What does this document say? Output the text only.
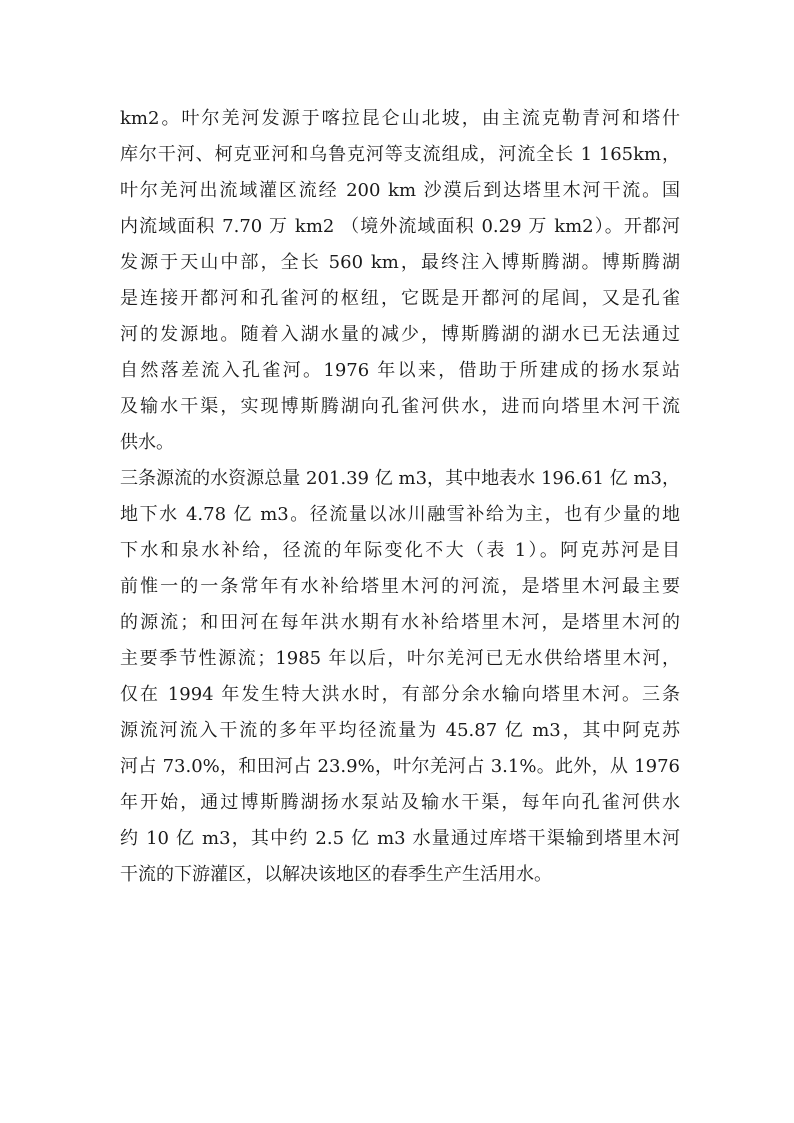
km2。叶尔羌河发源于喀拉昆仑山北坡，由主流克勒青河和塔什
库尔干河、柯克亚河和乌鲁克河等支流组成，河流全长 1 165km，
叶尔羌河出流域灌区流经 200 km 沙漠后到达塔里木河干流。国
内流域面积 7.70 万 km2 （境外流域面积 0.29 万 km2）。开都河
发源于天山中部，全长 560 km，最终注入博斯腾湖。博斯腾湖
是连接开都河和孔雀河的枢纽，它既是开都河的尾闾，又是孔雀
河的发源地。随着入湖水量的减少，博斯腾湖的湖水已无法通过
自然落差流入孔雀河。1976 年以来，借助于所建成的扬水泵站
及输水干渠，实现博斯腾湖向孔雀河供水，进而向塔里木河干流
供水。
三条源流的水资源总量 201.39 亿 m3，其中地表水 196.61 亿 m3，
地下水 4.78 亿 m3。径流量以冰川融雪补给为主，也有少量的地
下水和泉水补给，径流的年际变化不大（表 1）。阿克苏河是目
前惟一的一条常年有水补给塔里木河的河流，是塔里木河最主要
的源流；和田河在每年洪水期有水补给塔里木河，是塔里木河的
主要季节性源流；1985 年以后，叶尔羌河已无水供给塔里木河，
仅在 1994 年发生特大洪水时，有部分余水输向塔里木河。三条
源流河流入干流的多年平均径流量为 45.87 亿 m3，其中阿克苏
河占 73.0%，和田河占 23.9%，叶尔羌河占 3.1%。此外，从 1976
年开始，通过博斯腾湖扬水泵站及输水干渠，每年向孔雀河供水
约 10 亿 m3，其中约 2.5 亿 m3 水量通过库塔干渠输到塔里木河
干流的下游灌区，以解决该地区的春季生产生活用水。
